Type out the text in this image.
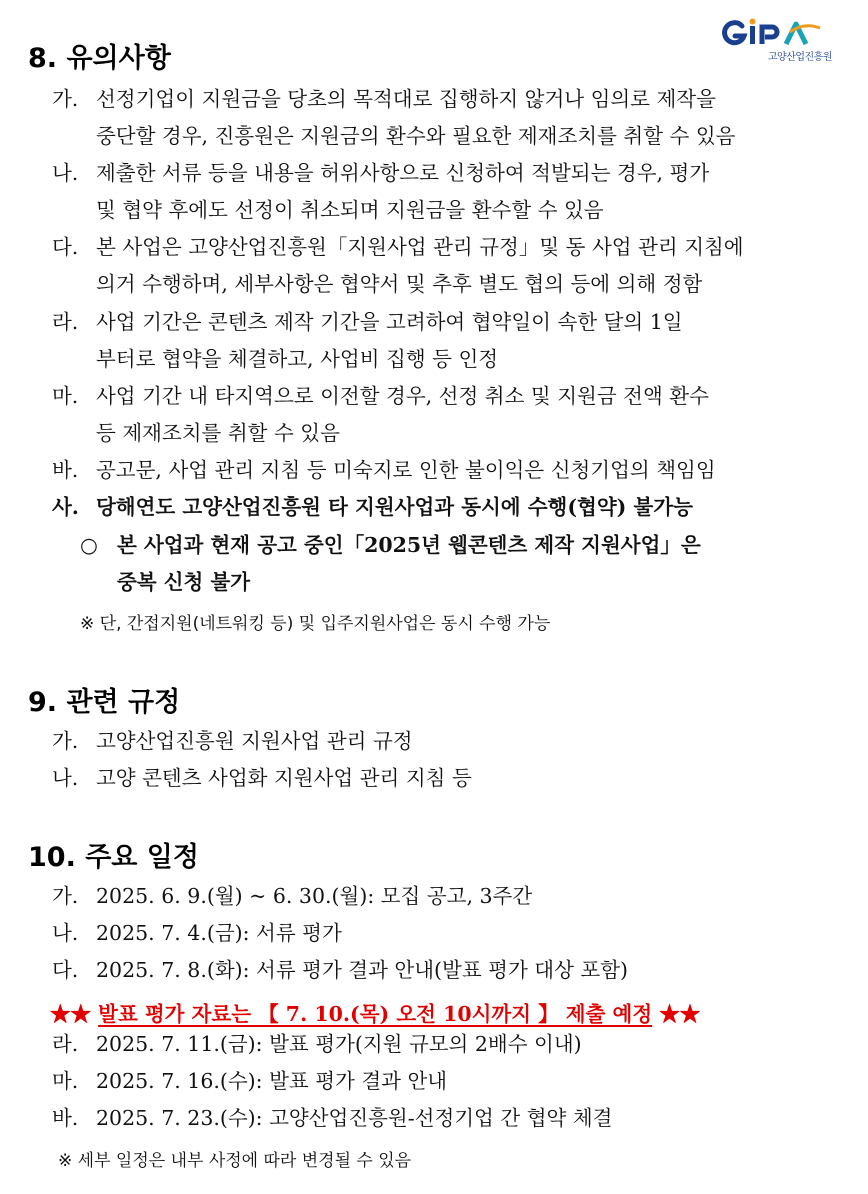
고양산업진흥원
8. 유의사항
가. 선정기업이 지원금을 당초의 목적대로 집행하지 않거나 임의로 제작을
중단할 경우, 진흥원은 지원금의 환수와 필요한 제재조치를 취할 수 있음
나. 제출한 서류 등을 내용을 허위사항으로 신청하여 적발되는 경우, 평가
및 협약 후에도 선정이 취소되며 지원금을 환수할 수 있음
다. 본 사업은 고양산업진흥원「지원사업 관리 규정」및 동 사업 관리 지침에
의거 수행하며, 세부사항은 협약서 및 추후 별도 협의 등에 의해 정함
라. 사업 기간은 콘텐츠 제작 기간을 고려하여 협약일이 속한 달의 1일
부터로 협약을 체결하고, 사업비 집행 등 인정
마. 사업 기간 내 타지역으로 이전할 경우, 선정 취소 및 지원금 전액 환수
등 제재조치를 취할 수 있음
바. 공고문, 사업 관리 지침 등 미숙지로 인한 불이익은 신청기업의 책임임
사. 당해연도 고양산업진흥원 타 지원사업과 동시에 수행(협약) 불가능
○ 본 사업과 현재 공고 중인「2025년 웹콘텐츠 제작 지원사업」은
중복 신청 불가
※ 단, 간접지원(네트워킹 등) 및 입주지원사업은 동시 수행 가능
9. 관련 규정
가. 고양산업진흥원 지원사업 관리 규정
나. 고양 콘텐츠 사업화 지원사업 관리 지침 등
10. 주요 일정
가. 2025. 6. 9.(월) ~ 6. 30.(월): 모집 공고, 3주간
나. 2025. 7. 4.(금): 서류 평가
다. 2025. 7. 8.(화): 서류 평가 결과 안내(발표 평가 대상 포함)
★★ 발표 평가 자료는 【 7. 10.(목) 오전 10시까지 】 제출 예정 ★★
라. 2025. 7. 11.(금): 발표 평가(지원 규모의 2배수 이내)
마. 2025. 7. 16.(수): 발표 평가 결과 안내
바. 2025. 7. 23.(수): 고양산업진흥원-선정기업 간 협약 체결
※ 세부 일정은 내부 사정에 따라 변경될 수 있음
